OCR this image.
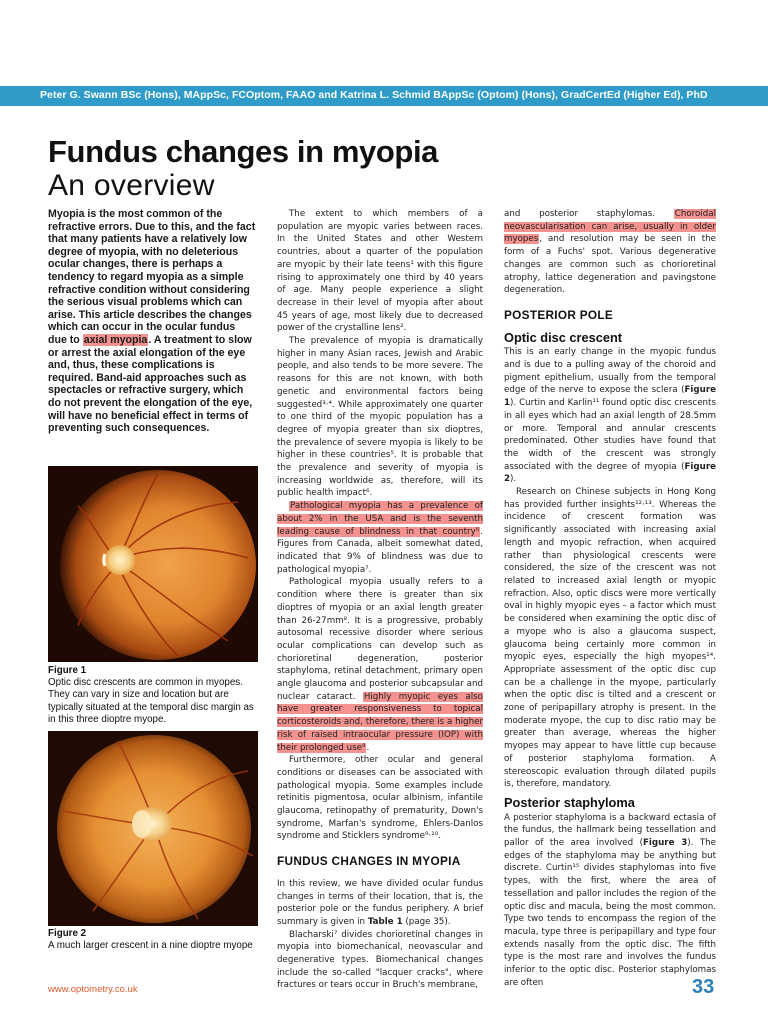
Peter G. Swann BSc (Hons), MAppSc, FCOptom, FAAO and Katrina L. Schmid BAppSc (Optom) (Hons), GradCertEd (Higher Ed), PhD
Fundus changes in myopia
An overview
Myopia is the most common of the refractive errors. Due to this, and the fact that many patients have a relatively low degree of myopia, with no deleterious ocular changes, there is perhaps a tendency to regard myopia as a simple refractive condition without considering the serious visual problems which can arise. This article describes the changes which can occur in the ocular fundus due to axial myopia. A treatment to slow or arrest the axial elongation of the eye and, thus, these complications is required. Band-aid approaches such as spectacles or refractive surgery, which do not prevent the elongation of the eye, will have no beneficial effect in terms of preventing such consequences.
Figure 1
Optic disc crescents are common in myopes. They can vary in size and location but are typically situated at the temporal disc margin as in this three dioptre myope.
Figure 2
A much larger crescent in a nine dioptre myope

The extent to which members of a population are myopic varies between races. In the United States and other Western countries, about a quarter of the population are myopic by their late teens¹ with this figure rising to approximately one third by 40 years of age. Many people experience a slight decrease in their level of myopia after about 45 years of age, most likely due to decreased power of the crystalline lens².

The prevalence of myopia is dramatically higher in many Asian races, Jewish and Arabic people, and also tends to be more severe. The reasons for this are not known, with both genetic and environmental factors being suggested³·⁴. While approximately one quarter to one third of the myopic population has a degree of myopia greater than six dioptres, the prevalence of severe myopia is likely to be higher in these countries⁵. It is probable that the prevalence and severity of myopia is increasing worldwide as, therefore, will its public health impact⁶.

Pathological myopia has a prevalence of about 2% in the USA and is the seventh leading cause of blindness in that country⁵. Figures from Canada, albeit somewhat dated, indicated that 9% of blindness was due to pathological myopia⁷.

Pathological myopia usually refers to a condition where there is greater than six dioptres of myopia or an axial length greater than 26-27mm⁸. It is a progressive, probably autosomal recessive disorder where serious ocular complications can develop such as chorioretinal degeneration, posterior staphyloma, retinal detachment, primary open angle glaucoma and posterior subcapsular and nuclear cataract. Highly myopic eyes also have greater responsiveness to topical corticosteroids and, therefore, there is a higher risk of raised intraocular pressure (IOP) with their prolonged use⁹.

Furthermore, other ocular and general conditions or diseases can be associated with pathological myopia. Some examples include retinitis pigmentosa, ocular albinism, infantile glaucoma, retinopathy of prematurity, Down's syndrome, Marfan's syndrome, Ehlers-Danlos syndrome and Sticklers syndrome⁹·¹⁰.

FUNDUS CHANGES IN MYOPIA

In this review, we have divided ocular fundus changes in terms of their location, that is, the posterior pole or the fundus periphery. A brief summary is given in Table 1 (page 35).

Blacharski⁷ divides chorioretinal changes in myopia into biomechanical, neovascular and degenerative types. Biomechanical changes include the so-called "lacquer cracks", where fractures or tears occur in Bruch's membrane,

and posterior staphylomas. Choroidal neovascularisation can arise, usually in older myopes, and resolution may be seen in the form of a Fuchs' spot. Various degenerative changes are common such as chorioretinal atrophy, lattice degeneration and pavingstone degeneration.

POSTERIOR POLE
Optic disc crescent

This is an early change in the myopic fundus and is due to a pulling away of the choroid and pigment epithelium, usually from the temporal edge of the nerve to expose the sclera (Figure 1). Curtin and Karlin¹¹ found optic disc crescents in all eyes which had an axial length of 28.5mm or more. Temporal and annular crescents predominated. Other studies have found that the width of the crescent was strongly associated with the degree of myopia (Figure 2).

Research on Chinese subjects in Hong Kong has provided further insights¹²·¹³. Whereas the incidence of crescent formation was significantly associated with increasing axial length and myopic refraction, when acquired rather than physiological crescents were considered, the size of the crescent was not related to increased axial length or myopic refraction. Also, optic discs were more vertically oval in highly myopic eyes – a factor which must be considered when examining the optic disc of a myope who is also a glaucoma suspect, glaucoma being certainly more common in myopic eyes, especially the high myopes¹⁴. Appropriate assessment of the optic disc cup can be a challenge in the myope, particularly when the optic disc is tilted and a crescent or zone of peripapillary atrophy is present. In the moderate myope, the cup to disc ratio may be greater than average, whereas the higher myopes may appear to have little cup because of posterior staphyloma formation. A stereoscopic evaluation through dilated pupils is, therefore, mandatory.

Posterior staphyloma

A posterior staphyloma is a backward ectasia of the fundus, the hallmark being tessellation and pallor of the area involved (Figure 3). The edges of the staphyloma may be anything but discrete. Curtin¹⁵ divides staphylomas into five types, with the first, where the area of tessellation and pallor includes the region of the optic disc and macula, being the most common. Type two tends to encompass the region of the macula, type three is peripapillary and type four extends nasally from the optic disc. The fifth type is the most rare and involves the fundus inferior to the optic disc. Posterior staphylomas are often

www.optometry.co.uk	33
